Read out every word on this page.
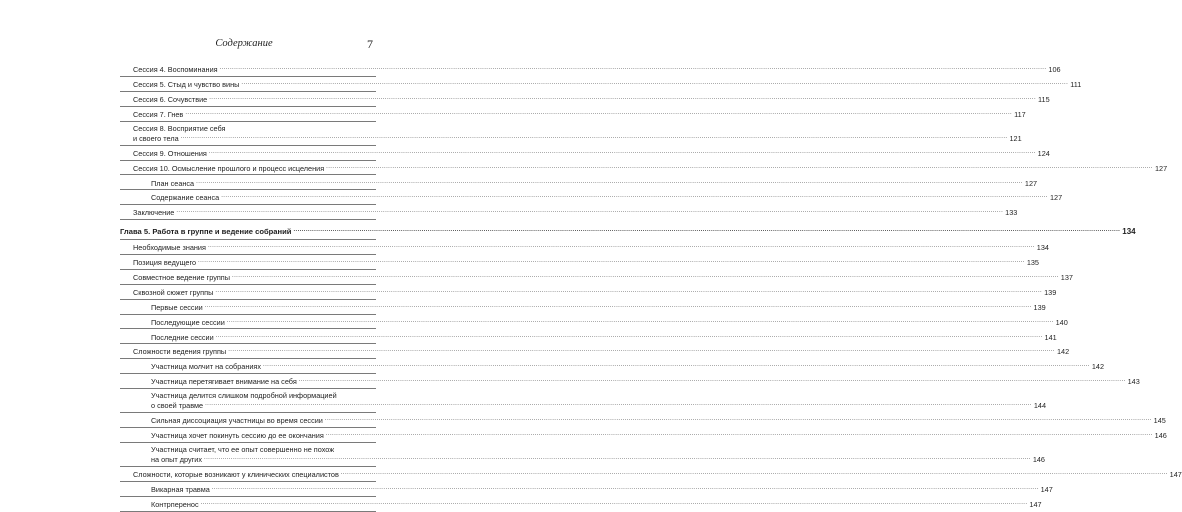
Содержание	7
Сессия 4. Воспоминания ................................................................................................................................................................................................................................................................................................................................................................................................................ 106
Сессия 5. Стыд и чувство вины ................................................................................................................................................................................................................................................................................................................................................................................................................ 111
Сессия 6. Сочувствие ................................................................................................................................................................................................................................................................................................................................................................................................................ 115
Сессия 7. Гнев ................................................................................................................................................................................................................................................................................................................................................................................................................ 117
Сессия 8. Восприятие себя
и своего тела ................................................................................................................................................................................................................................................................................................................................................................................................................ 121
Сессия 9. Отношения ................................................................................................................................................................................................................................................................................................................................................................................................................ 124
Сессия 10. Осмысление прошлого и процесс исцеления ................................................................................................................................................................................................................................................................................................................................................................................................................ 127
План сеанса ................................................................................................................................................................................................................................................................................................................................................................................................................ 127
Содержание сеанса ................................................................................................................................................................................................................................................................................................................................................................................................................ 127
Заключение ................................................................................................................................................................................................................................................................................................................................................................................................................ 133
Глава 5. Работа в группе и ведение собраний ................................................................................................................................................................................................................................................................................................................................................................................................................ 134
Необходимые знания ................................................................................................................................................................................................................................................................................................................................................................................................................ 134
Позиция ведущего ................................................................................................................................................................................................................................................................................................................................................................................................................ 135
Совместное ведение группы ................................................................................................................................................................................................................................................................................................................................................................................................................ 137
Сквозной сюжет группы ................................................................................................................................................................................................................................................................................................................................................................................................................ 139
Первые сессии ................................................................................................................................................................................................................................................................................................................................................................................................................ 139
Последующие сессии ................................................................................................................................................................................................................................................................................................................................................................................................................ 140
Последние сессии ................................................................................................................................................................................................................................................................................................................................................................................................................ 141
Сложности ведения группы ................................................................................................................................................................................................................................................................................................................................................................................................................ 142
Участница молчит на собраниях ................................................................................................................................................................................................................................................................................................................................................................................................................ 142
Участница перетягивает внимание на себя ................................................................................................................................................................................................................................................................................................................................................................................................................ 143
Участница делится слишком подробной информацией
о своей травме ................................................................................................................................................................................................................................................................................................................................................................................................................ 144
Сильная диссоциация участницы во время сессии ................................................................................................................................................................................................................................................................................................................................................................................................................ 145
Участница хочет покинуть сессию до ее окончания ................................................................................................................................................................................................................................................................................................................................................................................................................ 146
Участница считает, что ее опыт совершенно не похож
на опыт других ................................................................................................................................................................................................................................................................................................................................................................................................................ 146
Сложности, которые возникают у клинических специалистов ................................................................................................................................................................................................................................................................................................................................................................................................................ 147
Викарная травма ................................................................................................................................................................................................................................................................................................................................................................................................................ 147
Контрперенос ................................................................................................................................................................................................................................................................................................................................................................................................................ 147
